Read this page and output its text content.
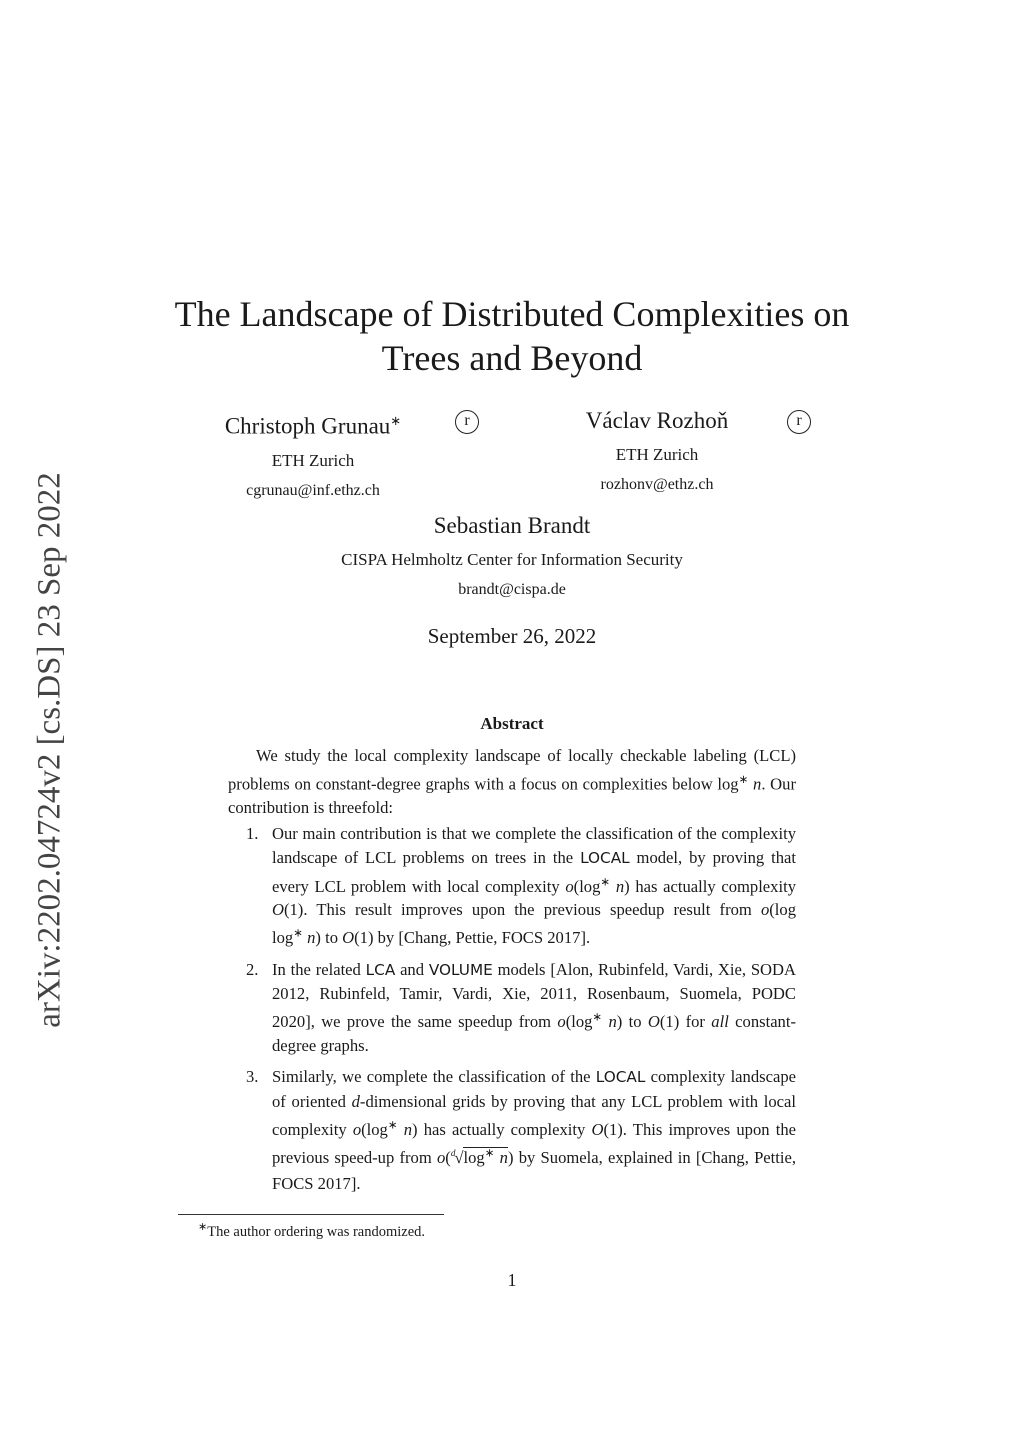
arXiv:2202.04724v2 [cs.DS] 23 Sep 2022
The Landscape of Distributed Complexities on Trees and Beyond
Christoph Grunau∗
ETH Zurich
cgrunau@inf.ethz.ch
r	Václav Rozhoň
ETH Zurich
rozhonv@ethz.ch
r
Sebastian Brandt
CISPA Helmholtz Center for Information Security
brandt@cispa.de
September 26, 2022
Abstract

We study the local complexity landscape of locally checkable labeling (LCL) problems on constant-degree graphs with a focus on complexities below log∗ n. Our contribution is threefold:

1. Our main contribution is that we complete the classification of the complexity landscape of LCL problems on trees in the LOCAL model, by proving that every LCL problem with local complexity o(log∗ n) has actually complexity O(1). This result improves upon the previous speedup result from o(log log∗ n) to O(1) by [Chang, Pettie, FOCS 2017].
2. In the related LCA and VOLUME models [Alon, Rubinfeld, Vardi, Xie, SODA 2012, Rubinfeld, Tamir, Vardi, Xie, 2011, Rosenbaum, Suomela, PODC 2020], we prove the same speedup from o(log∗ n) to O(1) for all constant-degree graphs.
3. Similarly, we complete the classification of the LOCAL complexity landscape of oriented d-dimensional grids by proving that any LCL problem with local complexity o(log∗ n) has actually complexity O(1). This improves upon the previous speed-up from o($^d$√log∗ n) by Suomela, explained in [Chang, Pettie, FOCS 2017].
∗The author ordering was randomized.
1
